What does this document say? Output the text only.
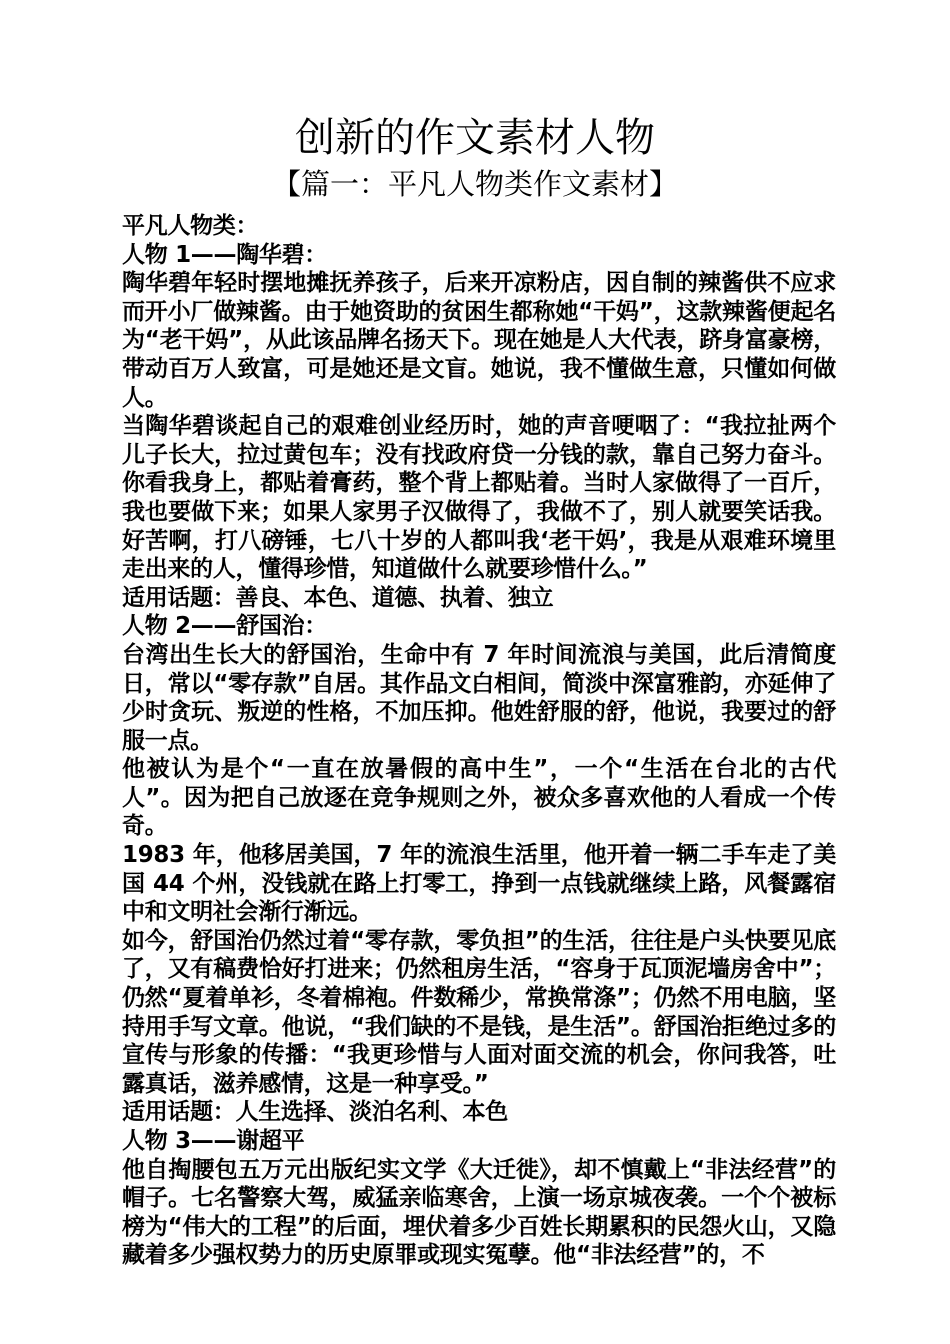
创新的作文素材人物
【篇一：平凡人物类作文素材】

平凡人物类：

人物 1——陶华碧：

陶华碧年轻时摆地摊抚养孩子，后来开凉粉店，因自制的辣酱供不应求而开小厂做辣酱。由于她资助的贫困生都称她“干妈”，这款辣酱便起名为“老干妈”，从此该品牌名扬天下。现在她是人大代表，跻身富豪榜，带动百万人致富，可是她还是文盲。她说，我不懂做生意，只懂如何做人。

当陶华碧谈起自己的艰难创业经历时，她的声音哽咽了：“我拉扯两个儿子长大，拉过黄包车；没有找政府贷一分钱的款，靠自己努力奋斗。你看我身上，都贴着膏药，整个背上都贴着。当时人家做得了一百斤，我也要做下来；如果人家男子汉做得了，我做不了，别人就要笑话我。好苦啊，打八磅锤，七八十岁的人都叫我‘老干妈’，我是从艰难环境里走出来的人，懂得珍惜，知道做什么就要珍惜什么。”

适用话题：善良、本色、道德、执着、独立

人物 2——舒国治：

台湾出生长大的舒国治，生命中有 7 年时间流浪与美国，此后清简度日，常以“零存款”自居。其作品文白相间，简淡中深富雅韵，亦延伸了少时贪玩、叛逆的性格，不加压抑。他姓舒服的舒，他说，我要过的舒服一点。

他被认为是个“一直在放暑假的高中生”，一个“生活在台北的古代人”。因为把自己放逐在竞争规则之外，被众多喜欢他的人看成一个传奇。

1983 年，他移居美国，7 年的流浪生活里，他开着一辆二手车走了美国 44 个州，没钱就在路上打零工，挣到一点钱就继续上路，风餐露宿中和文明社会渐行渐远。

如今，舒国治仍然过着“零存款，零负担”的生活，往往是户头快要见底了，又有稿费恰好打进来；仍然租房生活，“容身于瓦顶泥墙房舍中”；仍然“夏着单衫，冬着棉袍。件数稀少，常换常涤”；仍然不用电脑，坚持用手写文章。他说，“我们缺的不是钱，是生活”。舒国治拒绝过多的宣传与形象的传播：“我更珍惜与人面对面交流的机会，你问我答，吐露真话，滋养感情，这是一种享受。”

适用话题：人生选择、淡泊名利、本色

人物 3——谢超平

他自掏腰包五万元出版纪实文学《大迁徙》，却不慎戴上“非法经营”的帽子。七名警察大驾，威猛亲临寒舍，上演一场京城夜袭。一个个被标榜为“伟大的工程”的后面，埋伏着多少百姓长期累积的民怨火山，又隐藏着多少强权势力的历史原罪或现实冤孽。他“非法经营”的，不
